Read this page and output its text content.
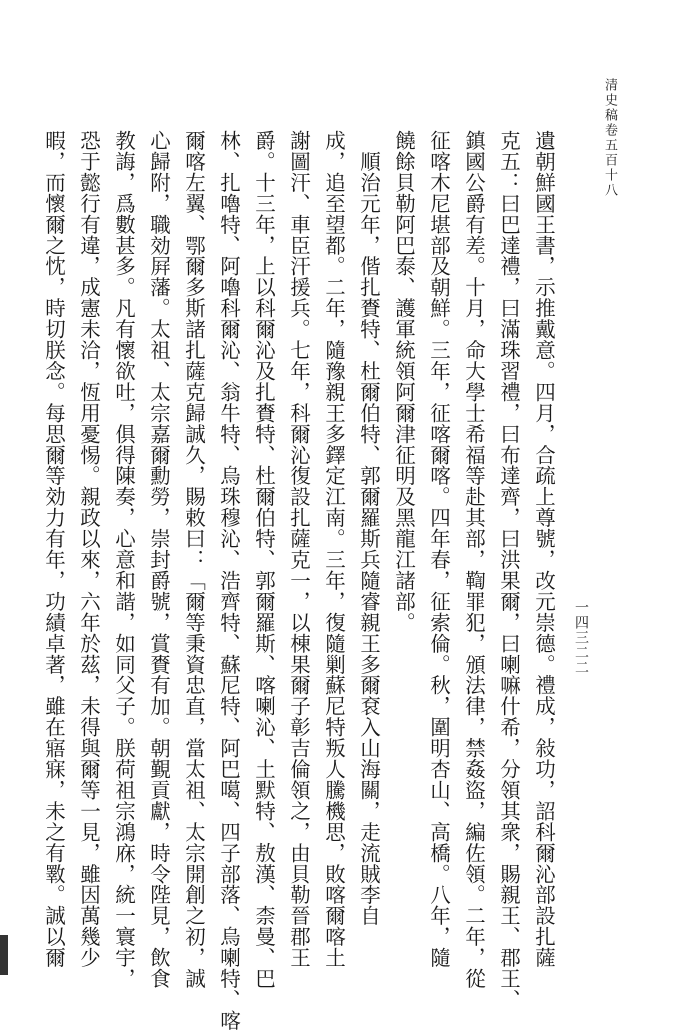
清史稿卷五百十八
一四三二二
遺朝鮮國王書，示推戴意。四月，合疏上尊號，改元崇德。禮成，敍功，詔科爾沁部設扎薩
克五：曰巴達禮，曰滿珠習禮，曰布達齊，曰洪果爾，曰喇嘛什希，分領其衆，賜親王、郡王、
鎮國公爵有差。十月，命大學士希福等赴其部，鞫罪犯，頒法律，禁姦盜，編佐領。二年，從
征喀木尼堪部及朝鮮。三年，征喀爾喀。四年春，征索倫。秋，圍明杏山、高橋。八年，隨
饒餘貝勒阿巴泰、護軍統領阿爾津征明及黑龍江諸部。
　順治元年，偕扎賚特、杜爾伯特、郭爾羅斯兵隨睿親王多爾袞入山海關，走流賊李自
成，追至望都。二年，隨豫親王多鐸定江南。三年，復隨剿蘇尼特叛人騰機思，敗喀爾喀土
謝圖汗、車臣汗援兵。七年，科爾沁復設扎薩克一，以棟果爾子彰吉倫領之，由貝勒晉郡王
爵。十三年，上以科爾沁及扎賚特、杜爾伯特、郭爾羅斯、喀喇沁、土默特、敖漢、柰曼、巴
林、扎嚕特、阿嚕科爾沁、翁牛特、烏珠穆沁、浩齊特、蘇尼特、阿巴噶、四子部落、烏喇特、喀
爾喀左翼、鄂爾多斯諸扎薩克歸誠久，賜敕曰：「爾等秉資忠直，當太祖、太宗開創之初，誠
心歸附，職効屛藩。太祖、太宗嘉爾勳勞，崇封爵號，賞賚有加。朝覲貢獻，時令陛見，飲食
教誨，爲數甚多。凡有懷欲吐，俱得陳奏，心意和諧，如同父子。朕荷祖宗鴻庥，統一寰宇，
恐于懿行有違，成憲未洽，恆用憂惕。親政以來，六年於茲，未得與爾等一見，雖因萬幾少
暇，而懷爾之忱，時切朕念。每思爾等効力有年，功績卓著，雖在寤寐，未之有斁。誠以爾
